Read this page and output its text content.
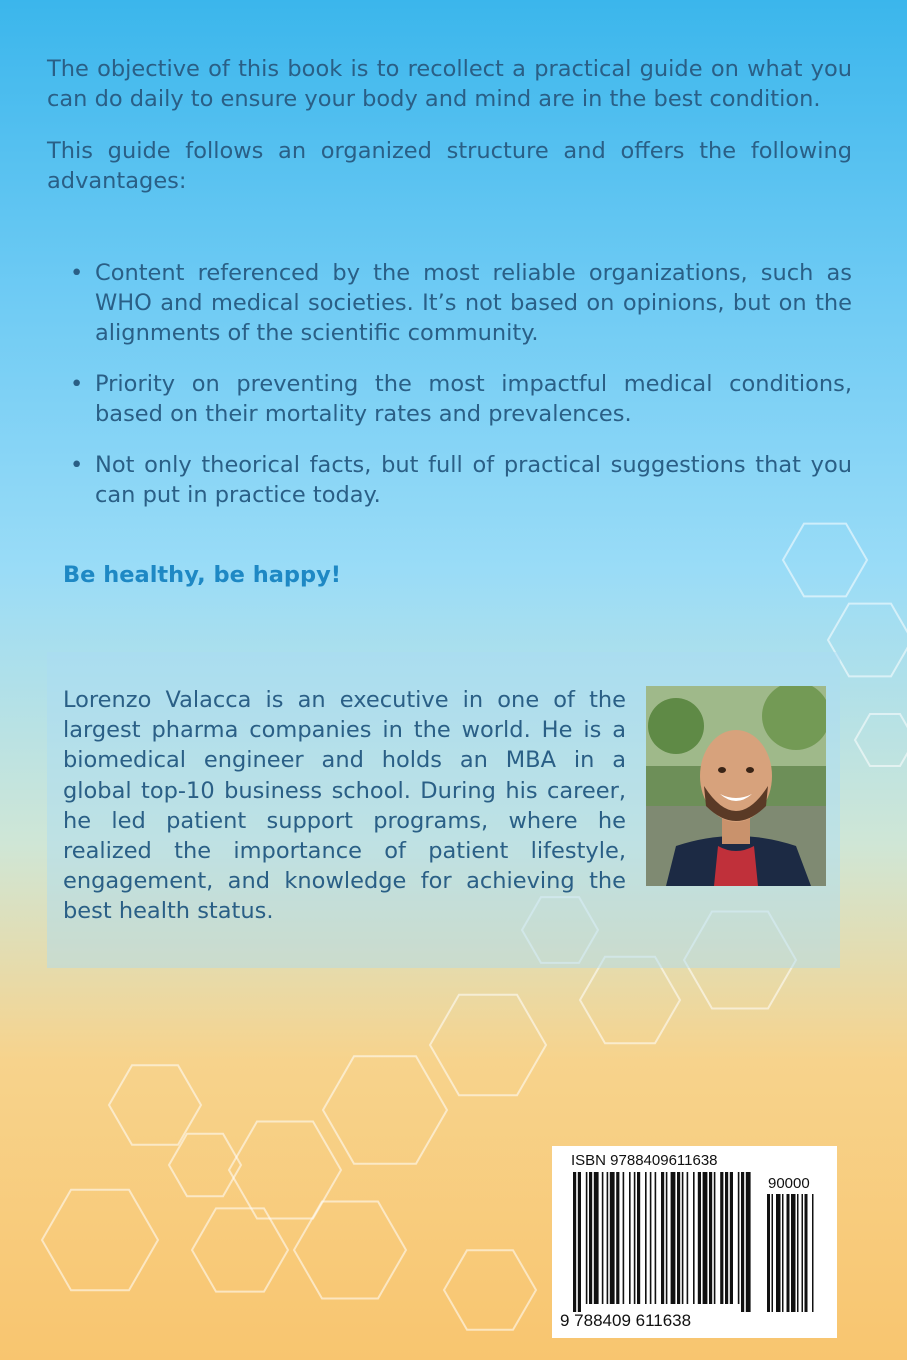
The objective of this book is to recollect a practical guide on what you can do daily to ensure your body and mind are in the best condition.

This guide follows an organized structure and offers the following advantages:

• Content referenced by the most reliable organizations, such as WHO and medical societies. It’s not based on opinions, but on the alignments of the scientific community.
• Priority on preventing the most impactful medical conditions, based on their mortality rates and prevalences.
• Not only theorical facts, but full of practical suggestions that you can put in practice today.
Be healthy, be happy!
Lorenzo Valacca is an executive in one of the largest pharma companies in the world. He is a biomedical engineer and holds an MBA in a global top-10 business school. During his career, he led patient support programs, where he realized the importance of patient lifestyle, engagement, and knowledge for achieving the best health status.
ISBN 9788409611638
90000
9 788409 611638
